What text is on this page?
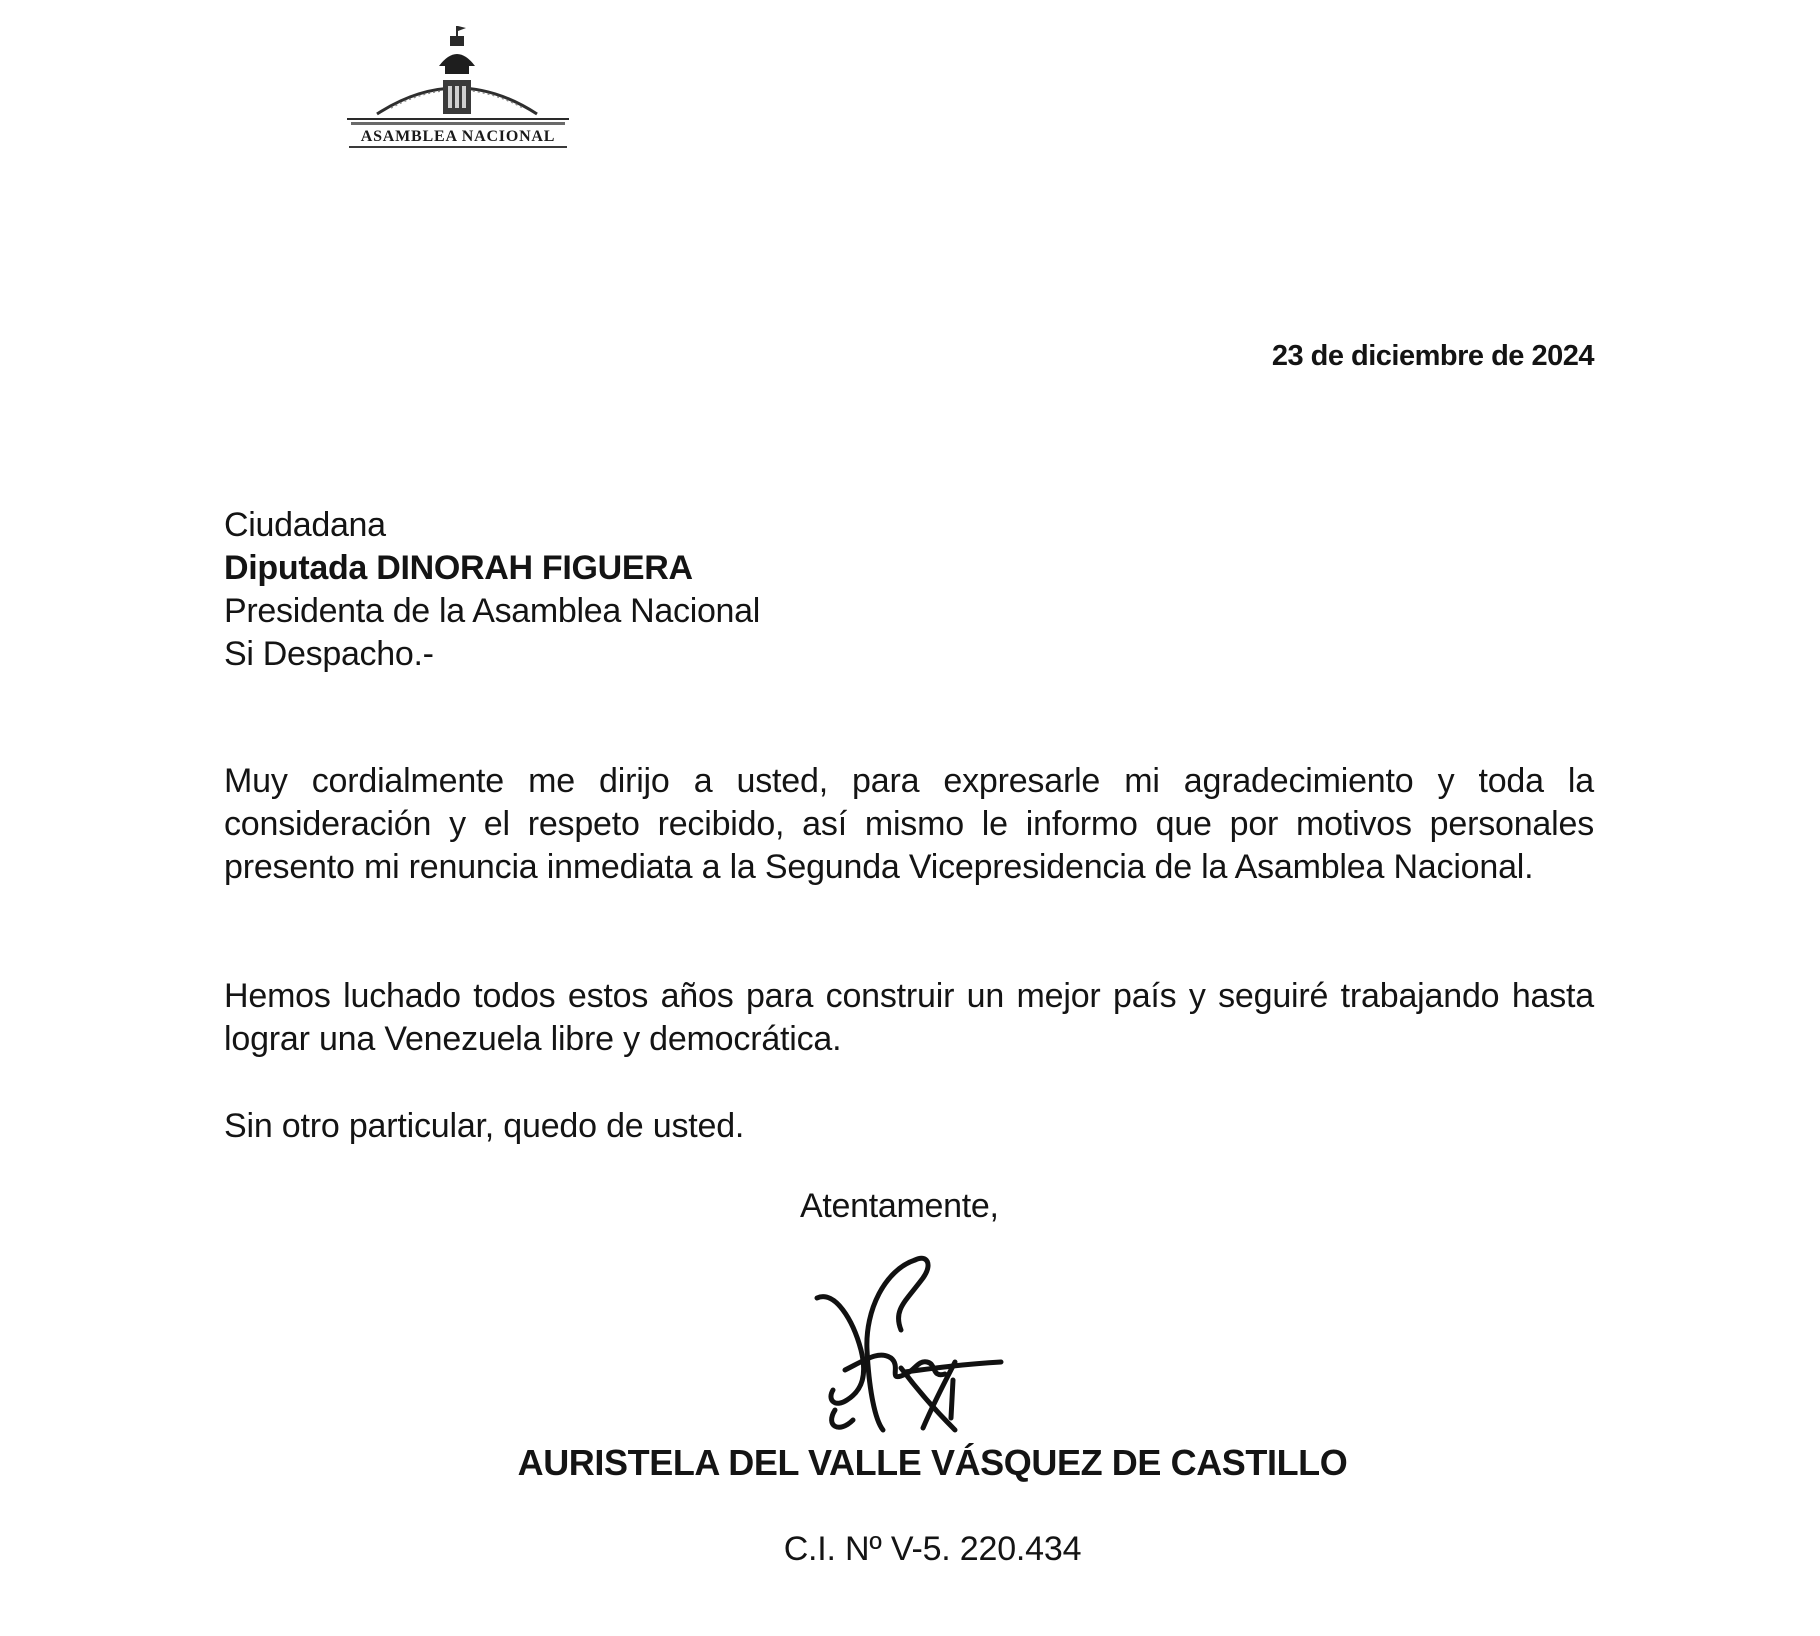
ASAMBLEA NACIONAL
23 de diciembre de 2024
Ciudadana
Diputada DINORAH FIGUERA
Presidenta de la Asamblea Nacional
Si Despacho.-
Muy cordialmente me dirijo a usted, para expresarle mi agradecimiento y toda la consideración y el respeto recibido, así mismo le informo que por motivos personales presento mi renuncia inmediata a la Segunda Vicepresidencia de la Asamblea Nacional.
Hemos luchado todos estos años para construir un mejor país y seguiré trabajando hasta lograr una Venezuela libre y democrática.
Sin otro particular, quedo de usted.
Atentamente,
AURISTELA DEL VALLE VÁSQUEZ DE CASTILLO
C.I. Nº V-5. 220.434
